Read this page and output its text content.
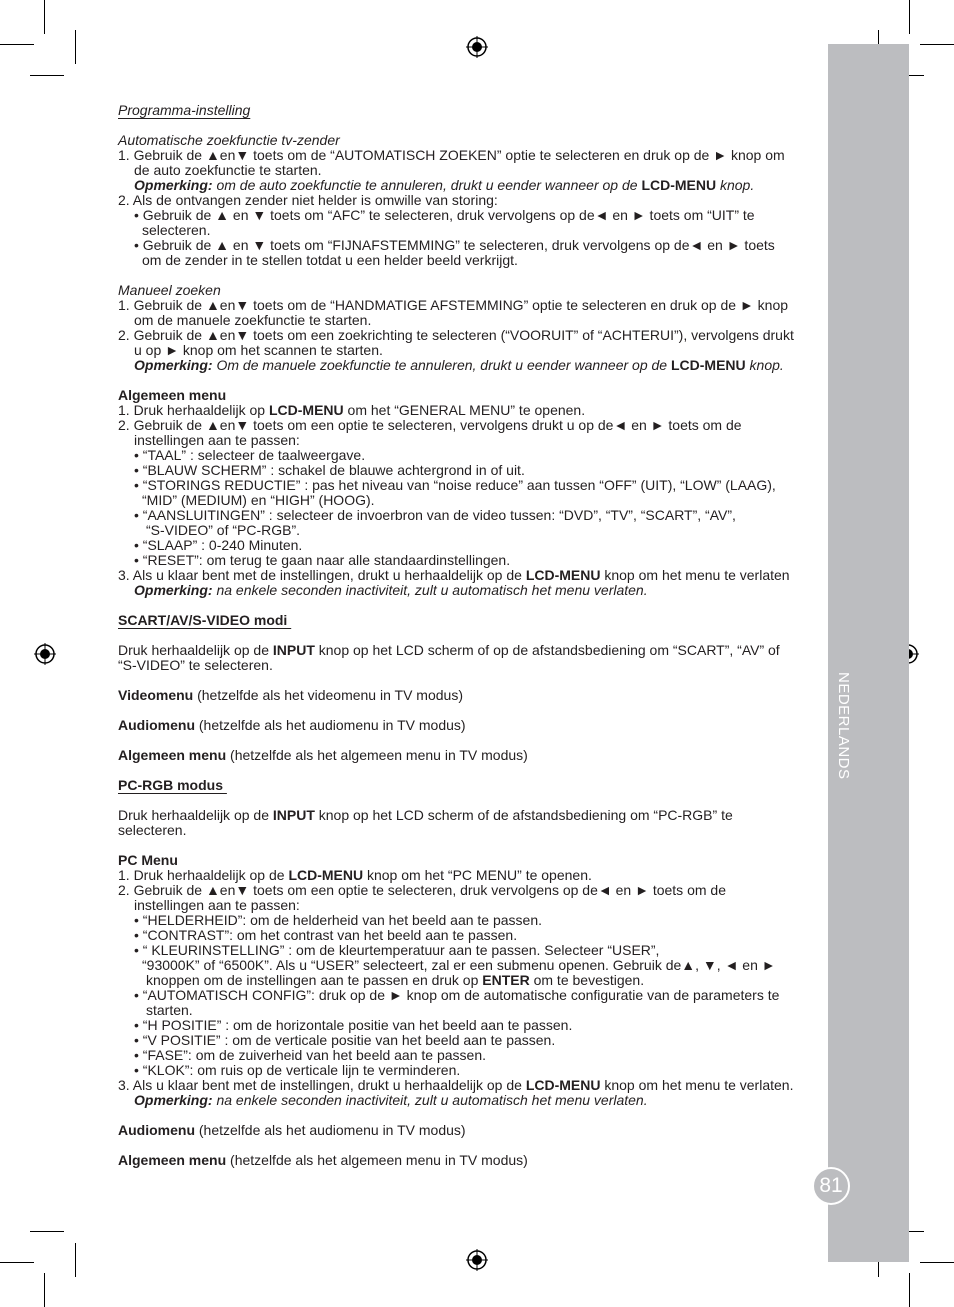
NEDERLANDS
81

Programma-instelling

Automatische zoekfunctie tv-zender

1. Gebruik de ▲en▼ toets om de “AUTOMATISCH ZOEKEN” optie te selecteren en druk op de ► knop om

de auto zoekfunctie te starten.

Opmerking: om de auto zoekfunctie te annuleren, drukt u eender wanneer op de LCD-MENU knop.

2. Als de ontvangen zender niet helder is omwille van storing:

• Gebruik de ▲ en ▼ toets om “AFC” te selecteren, druk vervolgens op de◄ en ► toets om “UIT” te

selecteren.

• Gebruik de ▲ en ▼ toets om “FIJNAFSTEMMING” te selecteren, druk vervolgens op de◄ en ► toets

om de zender in te stellen totdat u een helder beeld verkrijgt.

Manueel zoeken

1. Gebruik de ▲en▼ toets om de “HANDMATIGE AFSTEMMING” optie te selecteren en druk op de ► knop

om de manuele zoekfunctie te starten.

2. Gebruik de ▲en▼ toets om een zoekrichting te selecteren (“VOORUIT” of “ACHTERUI”), vervolgens drukt

u op ► knop om het scannen te starten.

Opmerking: Om de manuele zoekfunctie te annuleren, drukt u eender wanneer op de LCD-MENU knop.

Algemeen menu

1. Druk herhaaldelijk op LCD-MENU om het “GENERAL MENU” te openen.

2. Gebruik de ▲en▼ toets om een optie te selecteren, vervolgens drukt u op de◄ en ► toets om de

instellingen aan te passen:

• “TAAL” : selecteer de taalweergave.

• “BLAUW SCHERM” : schakel de blauwe achtergrond in of uit.

• “STORINGS REDUCTIE” : pas het niveau van “noise reduce” aan tussen “OFF” (UIT), “LOW” (LAAG),

“MID” (MEDIUM) en “HIGH” (HOOG).

• “AANSLUITINGEN” : selecteer de invoerbron van de video tussen: “DVD”, “TV”, “SCART”, “AV”,

“S-VIDEO” of “PC-RGB”.

• “SLAAP” : 0-240 Minuten.

• “RESET”: om terug te gaan naar alle standaardinstellingen.

3. Als u klaar bent met de instellingen, drukt u herhaaldelijk op de LCD-MENU knop om het menu te verlaten

Opmerking: na enkele seconden inactiviteit, zult u automatisch het menu verlaten.

SCART/AV/S-VIDEO modi

Druk herhaaldelijk op de INPUT knop op het LCD scherm of op de afstandsbediening om “SCART”, “AV” of

“S-VIDEO” te selecteren.

Videomenu (hetzelfde als het videomenu in TV modus)

Audiomenu (hetzelfde als het audiomenu in TV modus)

Algemeen menu (hetzelfde als het algemeen menu in TV modus)

PC-RGB modus

Druk herhaaldelijk op de INPUT knop op het LCD scherm of de afstandsbediening om “PC-RGB” te

selecteren.

PC Menu

1. Druk herhaaldelijk op de LCD-MENU knop om het “PC MENU” te openen.

2. Gebruik de ▲en▼ toets om een optie te selecteren, druk vervolgens op de◄ en ► toets om de

instellingen aan te passen:

• “HELDERHEID”: om de helderheid van het beeld aan te passen.

• “CONTRAST”: om het contrast van het beeld aan te passen.

• “ KLEURINSTELLING” : om de kleurtemperatuur aan te passen. Selecteer “USER”,

“93000K” of “6500K”. Als u “USER” selecteert, zal er een submenu openen. Gebruik de▲, ▼, ◄ en ►

knoppen om de instellingen aan te passen en druk op ENTER om te bevestigen.

• “AUTOMATISCH CONFIG”: druk op de ► knop om de automatische configuratie van de parameters te

starten.

• “H POSITIE” : om de horizontale positie van het beeld aan te passen.

• “V POSITIE” : om de verticale positie van het beeld aan te passen.

• “FASE”: om de zuiverheid van het beeld aan te passen.

• “KLOK”: om ruis op de verticale lijn te verminderen.

3. Als u klaar bent met de instellingen, drukt u herhaaldelijk op de LCD-MENU knop om het menu te verlaten.

Opmerking: na enkele seconden inactiviteit, zult u automatisch het menu verlaten.

Audiomenu (hetzelfde als het audiomenu in TV modus)

Algemeen menu (hetzelfde als het algemeen menu in TV modus)
